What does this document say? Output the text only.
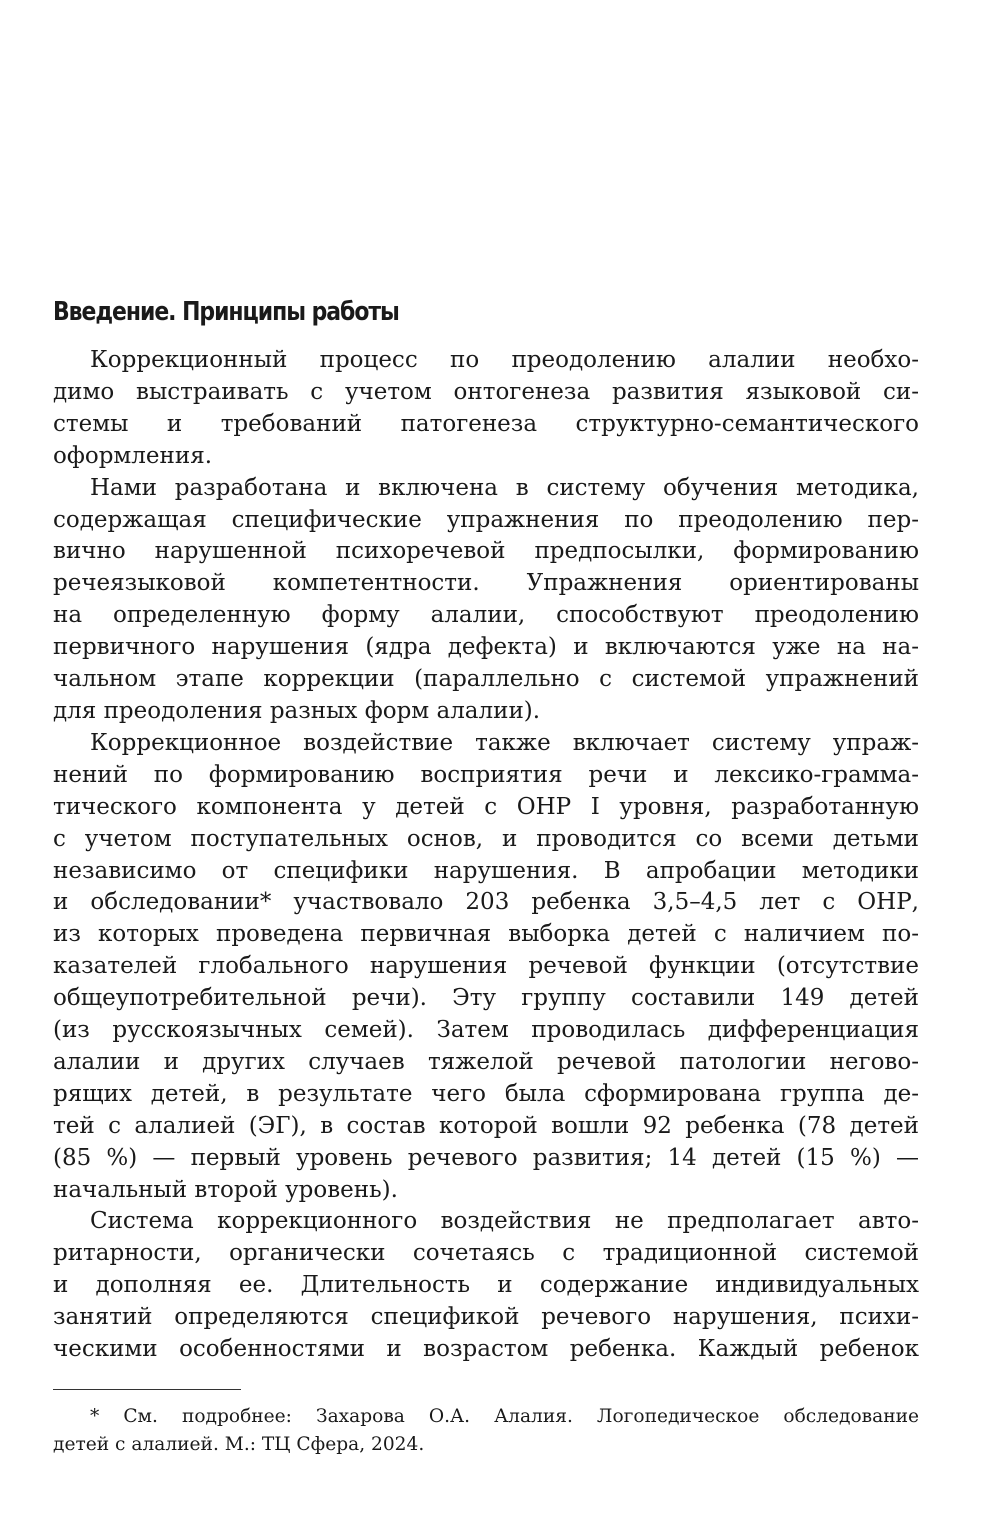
Введение. Принципы работы
Коррекционный процесс по преодолению алалии необхо-
димо выстраивать с учетом онтогенеза развития языковой си-
стемы и требований патогенеза структурно-семантического
оформления.
Нами разработана и включена в систему обучения методика,
содержащая специфические упражнения по преодолению пер-
вично нарушенной психоречевой предпосылки, формированию
речеязыковой компетентности. Упражнения ориентированы
на определенную форму алалии, способствуют преодолению
первичного нарушения (ядра дефекта) и включаются уже на на-
чальном этапе коррекции (параллельно с системой упражнений
для преодоления разных форм алалии).
Коррекционное воздействие также включает систему упраж-
нений по формированию восприятия речи и лексико-грамма-
тического компонента у детей с ОНР I уровня, разработанную
с учетом поступательных основ, и проводится со всеми детьми
независимо от специфики нарушения. В апробации методики
и обследовании* участвовало 203 ребенка 3,5–4,5 лет с ОНР,
из которых проведена первичная выборка детей с наличием по-
казателей глобального нарушения речевой функции (отсутствие
общеупотребительной речи). Эту группу составили 149 детей
(из русскоязычных семей). Затем проводилась дифференциация
алалии и других случаев тяжелой речевой патологии негово-
рящих детей, в результате чего была сформирована группа де-
тей с алалией (ЭГ), в состав которой вошли 92 ребенка (78 детей
(85 %) — первый уровень речевого развития; 14 детей (15 %) —
начальный второй уровень).
Система коррекционного воздействия не предполагает авто-
ритарности, органически сочетаясь с традиционной системой
и дополняя ее. Длительность и содержание индивидуальных
занятий определяются спецификой речевого нарушения, психи-
ческими особенностями и возрастом ребенка. Каждый ребенок
* См. подробнее: Захарова О.А. Алалия. Логопедическое обследование
детей с алалией. М.: ТЦ Сфера, 2024.
